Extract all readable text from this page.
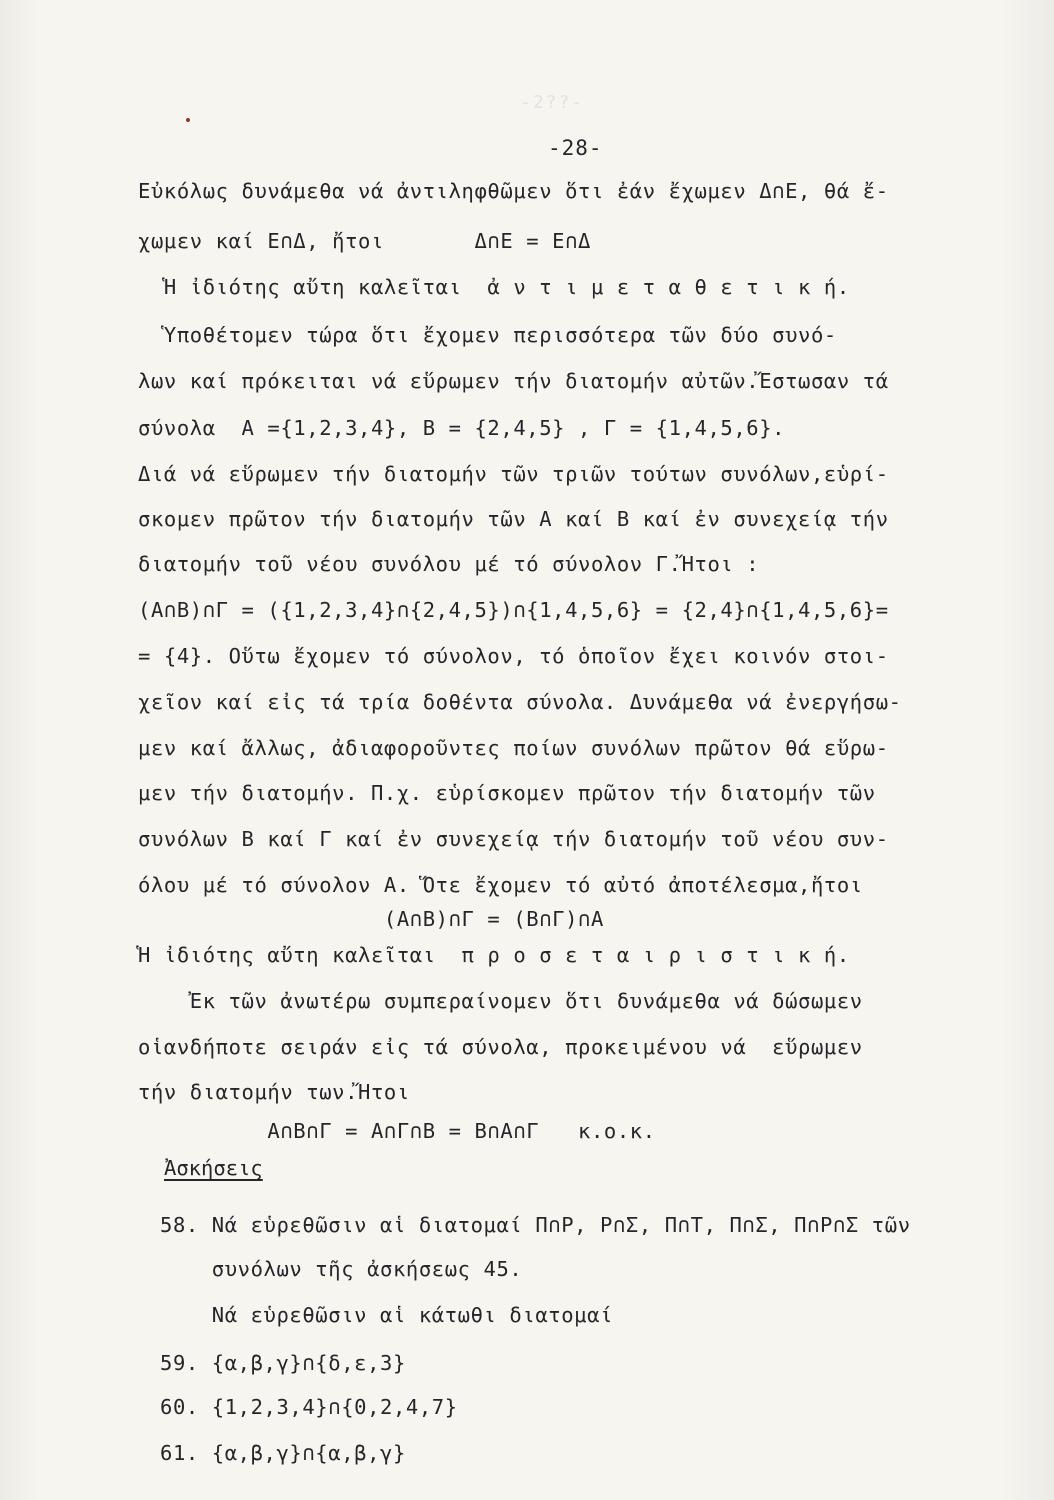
-2??-
-28-
Εὐκόλως δυνάμεθα νά ἀντιληφθῶμεν ὅτι ἐάν ἔχωμεν Δ∩Ε, θά ἔ-
χωμεν καί Ε∩Δ, ἤτοι       Δ∩Ε = Ε∩Δ
Ἡ ἰδιότης αὔτη καλεῖται  ἀ ν τ ι μ ε τ α θ ε τ ι κ ή.
Ὑποθέτομεν τώρα ὅτι ἔχομεν περισσότερα τῶν δύο συνό-
λων καί πρόκειται νά εὕρωμεν τήν διατομήν αὐτῶν.Ἔστωσαν τά
σύνολα  Α ={1,2,3,4}, Β = {2,4,5} , Γ = {1,4,5,6}.
Διά νά εὕρωμεν τήν διατομήν τῶν τριῶν τούτων συνόλων,εὑρί-
σκομεν πρῶτον τήν διατομήν τῶν Α καί Β καί ἐν συνεχείᾳ τήν
διατομήν τοῦ νέου συνόλου μέ τό σύνολον Γ.Ἤτοι :
(Α∩Β)∩Γ = ({1,2,3,4}∩{2,4,5})∩{1,4,5,6} = {2,4}∩{1,4,5,6}=
= {4}. Οὕτω ἔχομεν τό σύνολον, τό ὁποῖον ἔχει κοινόν στοι-
χεῖον καί εἰς τά τρία δοθέντα σύνολα. Δυνάμεθα νά ἐνεργήσω-
μεν καί ἄλλως, ἀδιαφοροῦντες ποίων συνόλων πρῶτον θά εὕρω-
μεν τήν διατομήν. Π.χ. εὑρίσκομεν πρῶτον τήν διατομήν τῶν
συνόλων Β καί Γ καί ἐν συνεχείᾳ τήν διατομήν τοῦ νέου συν-
όλου μέ τό σύνολον Α. Ὅτε ἔχομεν τό αὐτό ἀποτέλεσμα,ἤτοι
(Α∩Β)∩Γ = (Β∩Γ)∩Α
Ἡ ἰδιότης αὔτη καλεῖται  π ρ ο σ ε τ α ι ρ ι σ τ ι κ ή.
Ἐκ τῶν ἀνωτέρω συμπεραίνομεν ὅτι δυνάμεθα νά δώσωμεν
οἱανδήποτε σειράν εἰς τά σύνολα, προκειμένου νά  εὕρωμεν
τήν διατομήν των.Ἤτοι
Α∩Β∩Γ = Α∩Γ∩Β = Β∩Α∩Γ   κ.ο.κ.
Ἀσκήσεις
58. Νά εὑρεθῶσιν αἱ διατομαί Π∩Ρ, Ρ∩Σ, Π∩Τ, Π∩Σ, Π∩Ρ∩Σ τῶν
συνόλων τῆς ἀσκήσεως 45.
Νά εὑρεθῶσιν αἱ κάτωθι διατομαί
59. {α,β,γ}∩{δ,ε,3}
60. {1,2,3,4}∩{0,2,4,7}
61. {α,β,γ}∩{α,β,γ}
